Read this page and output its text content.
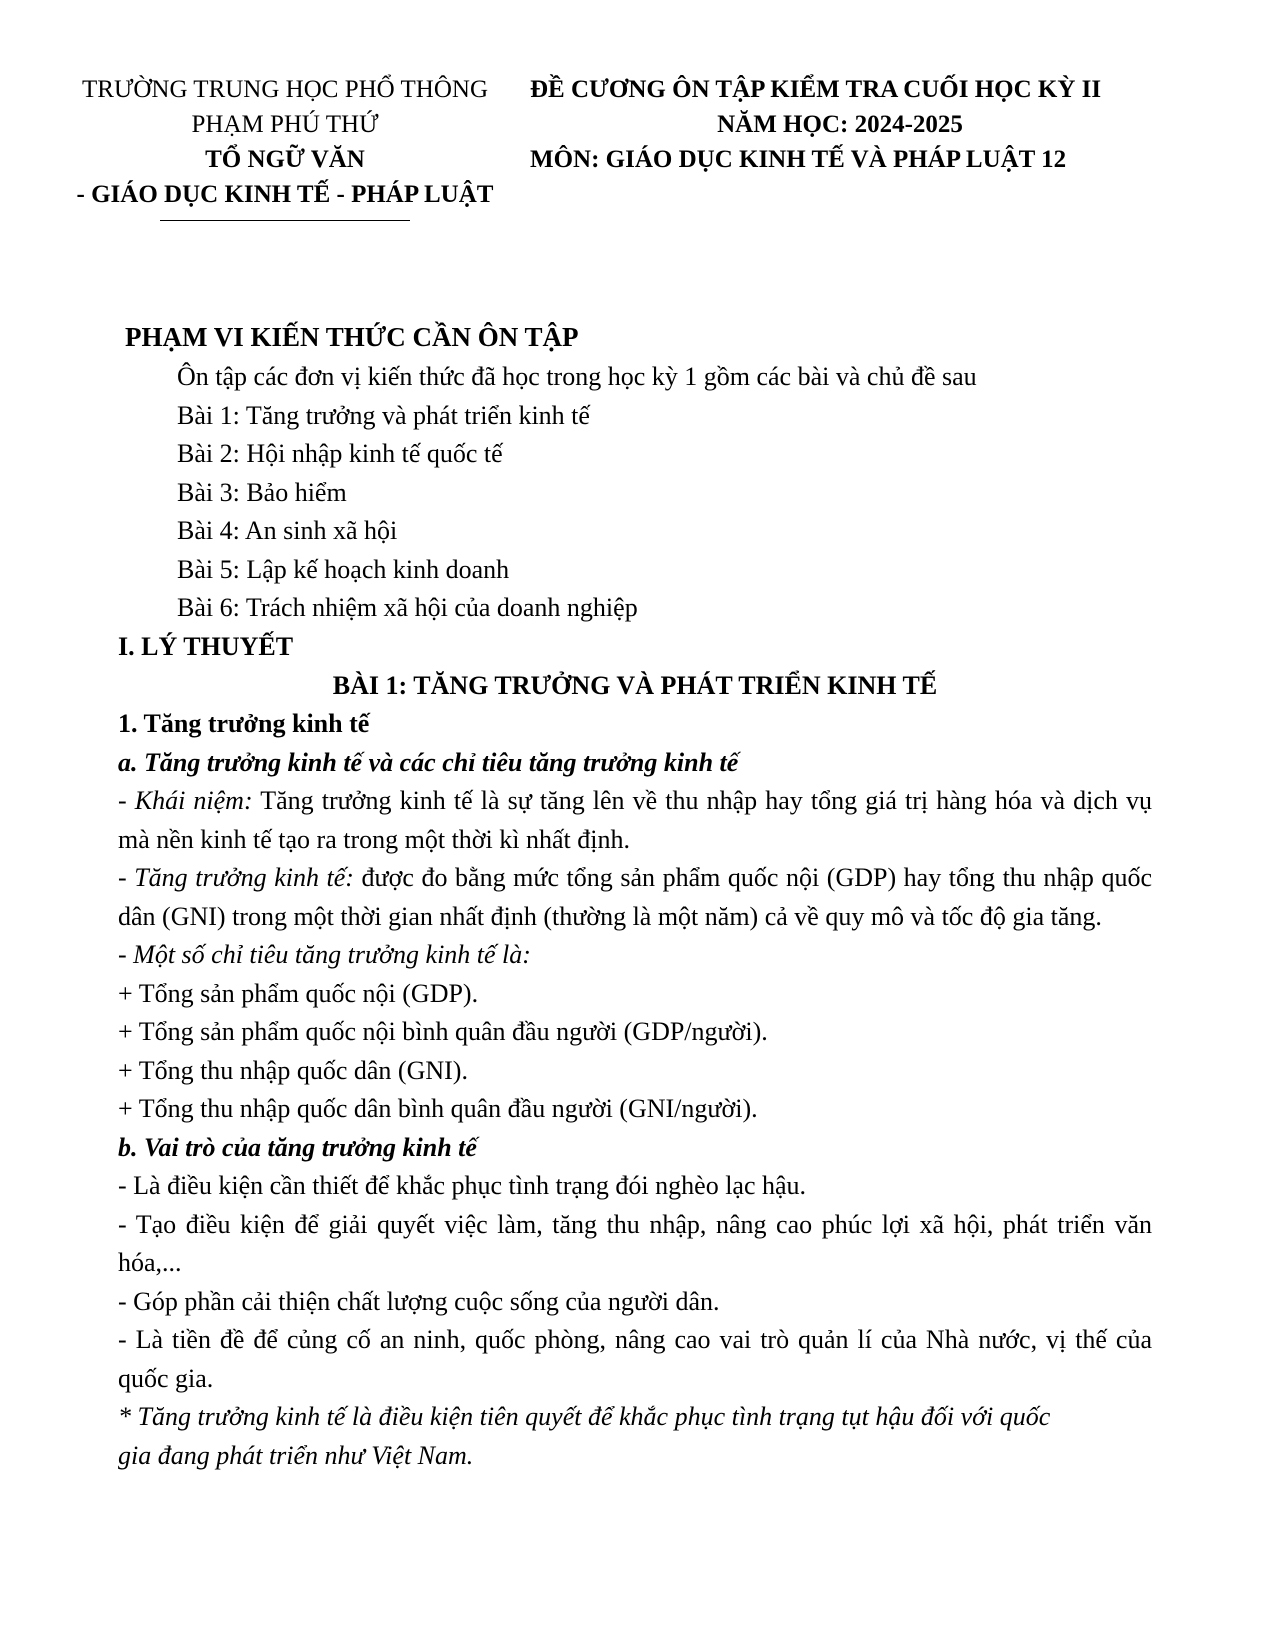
TRƯỜNG TRUNG HỌC PHỔ THÔNG
PHẠM PHÚ THỨ
TỔ NGỮ VĂN
- GIÁO DỤC KINH TẾ - PHÁP LUẬT
ĐỀ CƯƠNG ÔN TẬP KIỂM TRA CUỐI HỌC KỲ II
NĂM HỌC: 2024-2025
MÔN: GIÁO DỤC KINH TẾ VÀ PHÁP LUẬT 12
PHẠM VI KIẾN THỨC CẦN ÔN TẬP
Ôn tập các đơn vị kiến thức đã học trong học kỳ 1 gồm các bài và chủ đề sau
Bài 1: Tăng trưởng và phát triển kinh tế
Bài 2: Hội nhập kinh tế quốc tế
Bài 3: Bảo hiểm
Bài 4: An sinh xã hội
Bài 5: Lập kế hoạch kinh doanh
Bài 6: Trách nhiệm xã hội của doanh nghiệp

I. LÝ THUYẾT

BÀI 1: TĂNG TRƯỞNG VÀ PHÁT TRIỂN KINH TẾ

1. Tăng trưởng kinh tế

a. Tăng trưởng kinh tế và các chỉ tiêu tăng trưởng kinh tế

- Khái niệm: Tăng trưởng kinh tế là sự tăng lên về thu nhập hay tổng giá trị hàng hóa và dịch vụ mà nền kinh tế tạo ra trong một thời kì nhất định.

- Tăng trưởng kinh tế: được đo bằng mức tổng sản phẩm quốc nội (GDP) hay tổng thu nhập quốc dân (GNI) trong một thời gian nhất định (thường là một năm) cả về quy mô và tốc độ gia tăng.

- Một số chỉ tiêu tăng trưởng kinh tế là:

+ Tổng sản phẩm quốc nội (GDP).

+ Tổng sản phẩm quốc nội bình quân đầu người (GDP/người).

+ Tổng thu nhập quốc dân (GNI).

+ Tổng thu nhập quốc dân bình quân đầu người (GNI/người).

b. Vai trò của tăng trưởng kinh tế

- Là điều kiện cần thiết để khắc phục tình trạng đói nghèo lạc hậu.

- Tạo điều kiện để giải quyết việc làm, tăng thu nhập, nâng cao phúc lợi xã hội, phát triển văn hóa,...

- Góp phần cải thiện chất lượng cuộc sống của người dân.

- Là tiền đề để củng cố an ninh, quốc phòng, nâng cao vai trò quản lí của Nhà nước, vị thế của quốc gia.

* Tăng trưởng kinh tế là điều kiện tiên quyết để khắc phục tình trạng tụt hậu đối với quốc gia đang phát triển như Việt Nam.
